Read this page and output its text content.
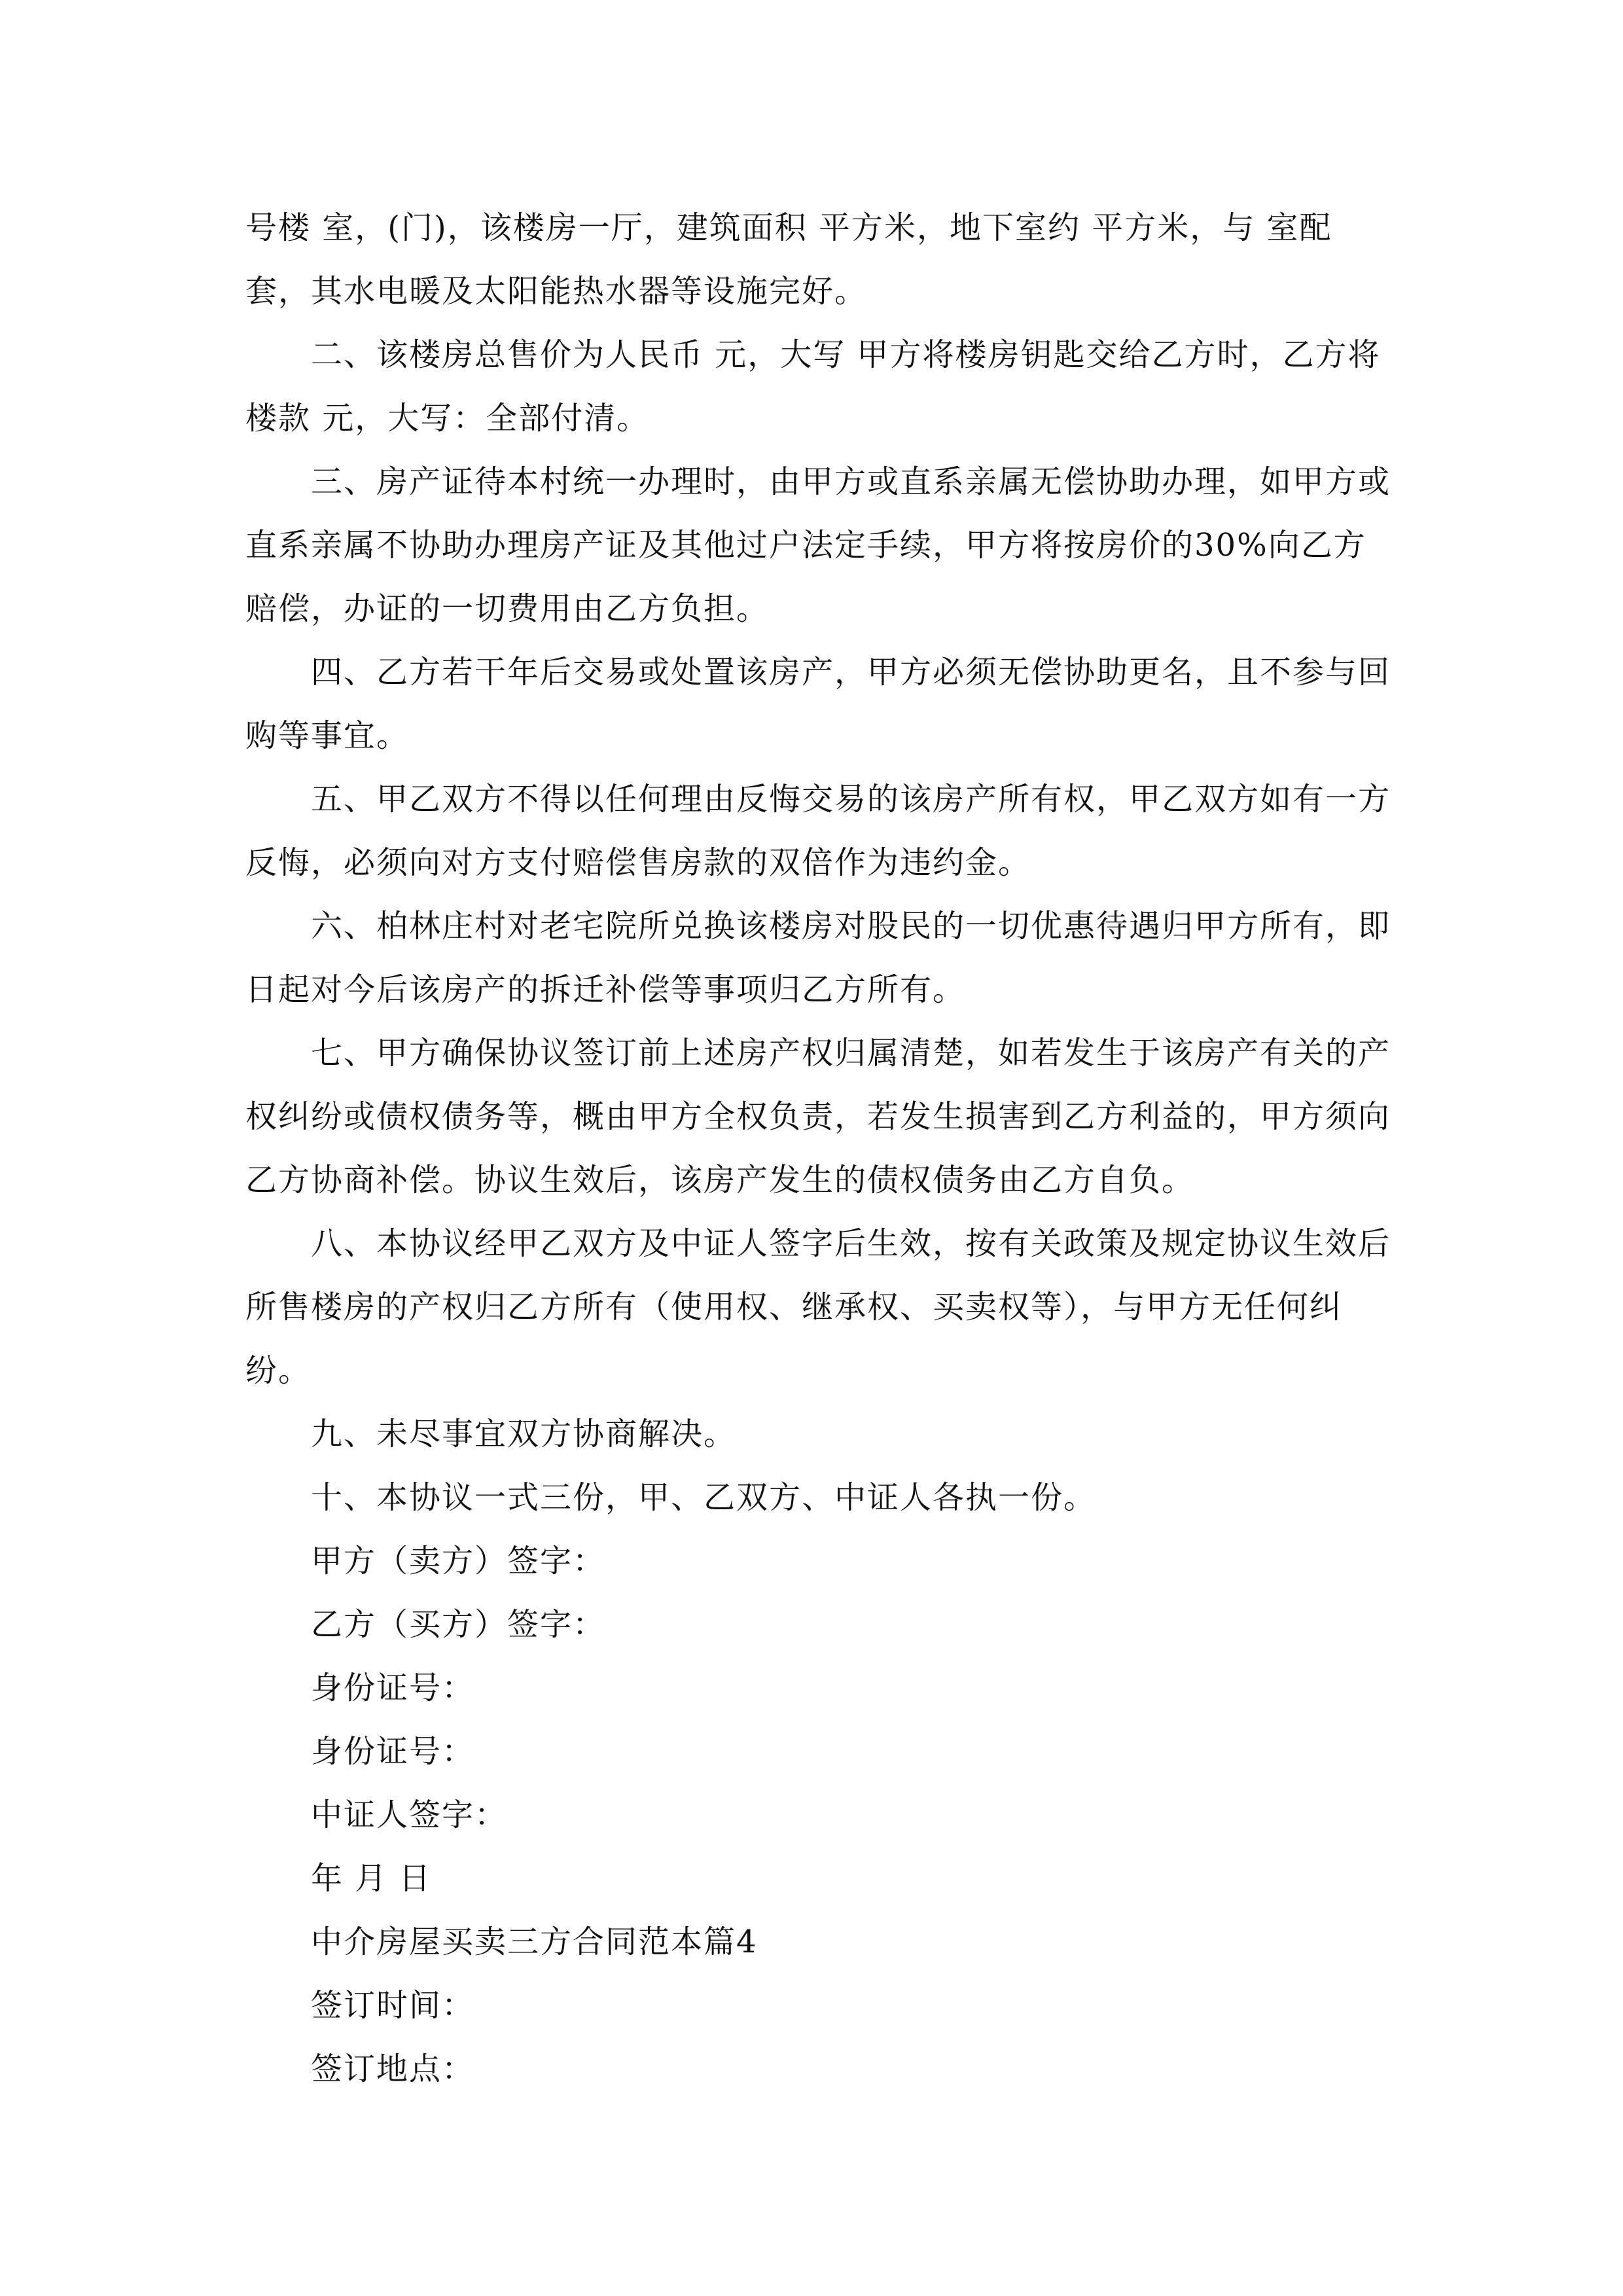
号楼 室，(门)，该楼房一厅，建筑面积 平方米，地下室约 平方米，与 室配套，其水电暖及太阳能热水器等设施完好。

二、该楼房总售价为人民币 元，大写 甲方将楼房钥匙交给乙方时，乙方将楼款 元，大写：全部付清。

三、房产证待本村统一办理时，由甲方或直系亲属无偿协助办理，如甲方或直系亲属不协助办理房产证及其他过户法定手续，甲方将按房价的30%向乙方赔偿，办证的一切费用由乙方负担。

四、乙方若干年后交易或处置该房产，甲方必须无偿协助更名，且不参与回购等事宜。

五、甲乙双方不得以任何理由反悔交易的该房产所有权，甲乙双方如有一方反悔，必须向对方支付赔偿售房款的双倍作为违约金。

六、柏林庄村对老宅院所兑换该楼房对股民的一切优惠待遇归甲方所有，即日起对今后该房产的拆迁补偿等事项归乙方所有。

七、甲方确保协议签订前上述房产权归属清楚，如若发生于该房产有关的产权纠纷或债权债务等，概由甲方全权负责，若发生损害到乙方利益的，甲方须向乙方协商补偿。协议生效后，该房产发生的债权债务由乙方自负。

八、本协议经甲乙双方及中证人签字后生效，按有关政策及规定协议生效后所售楼房的产权归乙方所有（使用权、继承权、买卖权等），与甲方无任何纠纷。

九、未尽事宜双方协商解决。

十、本协议一式三份，甲、乙双方、中证人各执一份。

甲方（卖方）签字：

乙方（买方）签字：

身份证号：

身份证号：

中证人签字：

年 月 日

中介房屋买卖三方合同范本篇4

签订时间：

签订地点：
